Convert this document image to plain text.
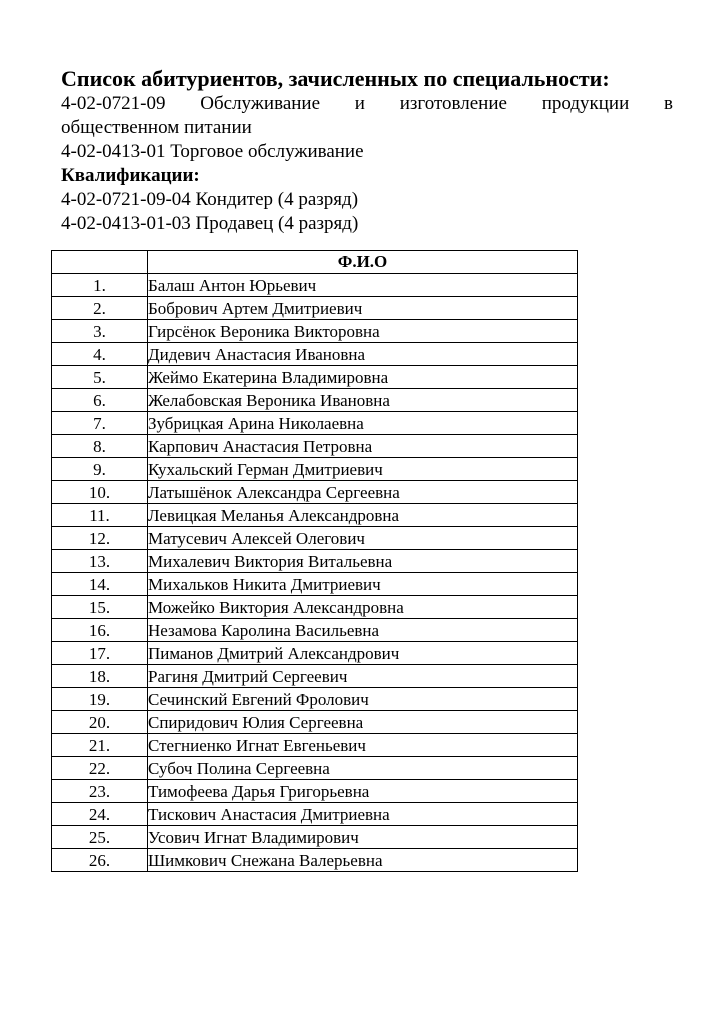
Список абитуриентов, зачисленных по специальности:

4-02-0721-09 Обслуживание и изготовление продукции в

общественном питании

4-02-0413-01 Торговое обслуживание

Квалификации:

4-02-0721-09-04 Кондитер (4 разряд)

4-02-0413-01-03 Продавец (4 разряд)

	Ф.И.О
1.	Балаш Антон Юрьевич
2.	Бобрович Артем Дмитриевич
3.	Гирсёнок Вероника Викторовна
4.	Дидевич Анастасия Ивановна
5.	Жеймо Екатерина Владимировна
6.	Желабовская Вероника Ивановна
7.	Зубрицкая Арина Николаевна
8.	Карпович Анастасия Петровна
9.	Кухальский Герман Дмитриевич
10.	Латышёнок Александра Сергеевна
11.	Левицкая Меланья Александровна
12.	Матусевич Алексей Олегович
13.	Михалевич Виктория Витальевна
14.	Михальков Никита Дмитриевич
15.	Можейко Виктория Александровна
16.	Незамова Каролина Васильевна
17.	Пиманов Дмитрий Александрович
18.	Рагиня Дмитрий Сергеевич
19.	Сечинский Евгений Фролович
20.	Спиридович Юлия Сергеевна
21.	Стегниенко Игнат Евгеньевич
22.	Субоч Полина Сергеевна
23.	Тимофеева Дарья Григорьевна
24.	Тискович Анастасия Дмитриевна
25.	Усович Игнат Владимирович
26.	Шимкович Снежана Валерьевна
